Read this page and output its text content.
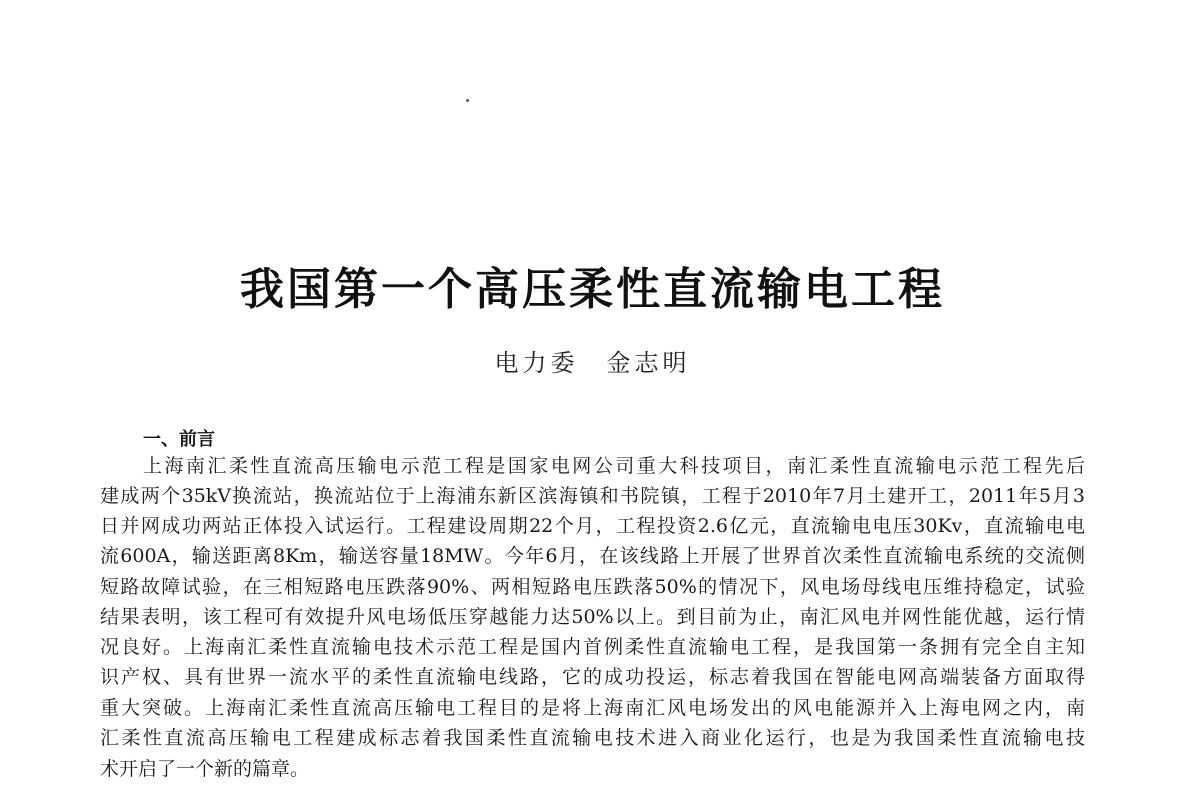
我国第一个高压柔性直流输电工程
电力委 金志明
一、前言
上海南汇柔性直流高压输电示范工程是国家电网公司重大科技项目，南汇柔性直流输电示范工程先后
建成两个35kV换流站，换流站位于上海浦东新区滨海镇和书院镇，工程于2010年7月土建开工，2011年5月3
日并网成功两站正体投入试运行。工程建设周期22个月，工程投资2.6亿元，直流输电电压30Kv，直流输电电
流600A，输送距离8Km，输送容量18MW。今年6月，在该线路上开展了世界首次柔性直流输电系统的交流侧
短路故障试验，在三相短路电压跌落90%、两相短路电压跌落50%的情况下，风电场母线电压维持稳定，试验
结果表明，该工程可有效提升风电场低压穿越能力达50%以上。到目前为止，南汇风电并网性能优越，运行情
况良好。上海南汇柔性直流输电技术示范工程是国内首例柔性直流输电工程，是我国第一条拥有完全自主知
识产权、具有世界一流水平的柔性直流输电线路，它的成功投运，标志着我国在智能电网高端装备方面取得
重大突破。上海南汇柔性直流高压输电工程目的是将上海南汇风电场发出的风电能源并入上海电网之内，南
汇柔性直流高压输电工程建成标志着我国柔性直流输电技术进入商业化运行，也是为我国柔性直流输电技
术开启了一个新的篇章。
